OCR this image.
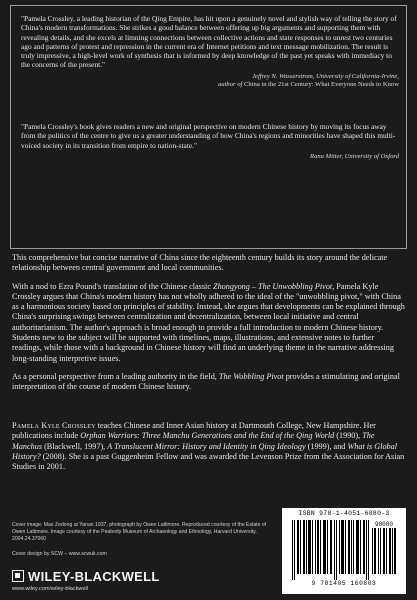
"Pamela Crossley, a leading historian of the Qing Empire, has hit upon a genuinely novel and stylish way of telling the story of China's modern transformations. She strikes a good balance between offering up big arguments and supporting them with revealing details, and she excels at limning connections between collective actions and state responses to unrest two centuries ago and patterns of protest and repression in the current era of Internet petitions and text message mobilization. The result is truly impressive, a high-level work of synthesis that is informed by deep knowledge of the past yet speaks with immediacy to the concerns of the present."

Jeffrey N. Wasserstrom, University of California-Irvine,
author of China in the 21st Century: What Everyone Needs to Know

"Pamela Crossley's book gives readers a new and original perspective on modern Chinese history by moving its focus away from the politics of the centre to give us a greater understanding of how China's regions and minorities have shaped this multi-voiced society in its transition from empire to nation-state."

Rana Mitter, University of Oxford

This comprehensive but concise narrative of China since the eighteenth century builds its story around the delicate relationship between central government and local communities.

With a nod to Ezra Pound's translation of the Chinese classic Zhongyong – The Unwobbling Pivot, Pamela Kyle Crossley argues that China's modern history has not wholly adhered to the ideal of the "unwobbling pivot," with China as a harmonious society based on principles of stability. Instead, she argues that developments can be explained through China's surprising swings between centralization and decentralization, between local initiative and central authoritarianism. The author's approach is broad enough to provide a full introduction to modern Chinese history. Students new to the subject will be supported with timelines, maps, illustrations, and extensive notes to further readings, while those with a background in Chinese history will find an underlying theme in the narrative addressing long-standing interpretive issues.

As a personal perspective from a leading authority in the field, The Wobbling Pivot provides a stimulating and original interpretation of the course of modern Chinese history.

Pamela Kyle Crossley teaches Chinese and Inner Asian history at Dartmouth College, New Hampshire. Her publications include Orphan Warriors: Three Manchu Generations and the End of the Qing World (1990), The Manchus (Blackwell, 1997), A Translucent Mirror: History and Identity in Qing Ideology (1999), and What is Global History? (2008). She is a past Guggenheim Fellow and was awarded the Levenson Prize from the Association for Asian Studies in 2001.
Cover image: Mao Zedong at Yanan 1937, photograph by Owen Lattimore. Reproduced courtesy of the Estate of Owen Lattimore. Image courtesy of the Peabody Museum of Archaeology and Ethnology, Harvard University, 2004.24.37060
Cover design by SCW – www.scwuk.com
WILEY-BLACKWELL
www.wiley.com/wiley-blackwell
ISBN 978-1-4051-6080-3
90000
9 781405 160803
